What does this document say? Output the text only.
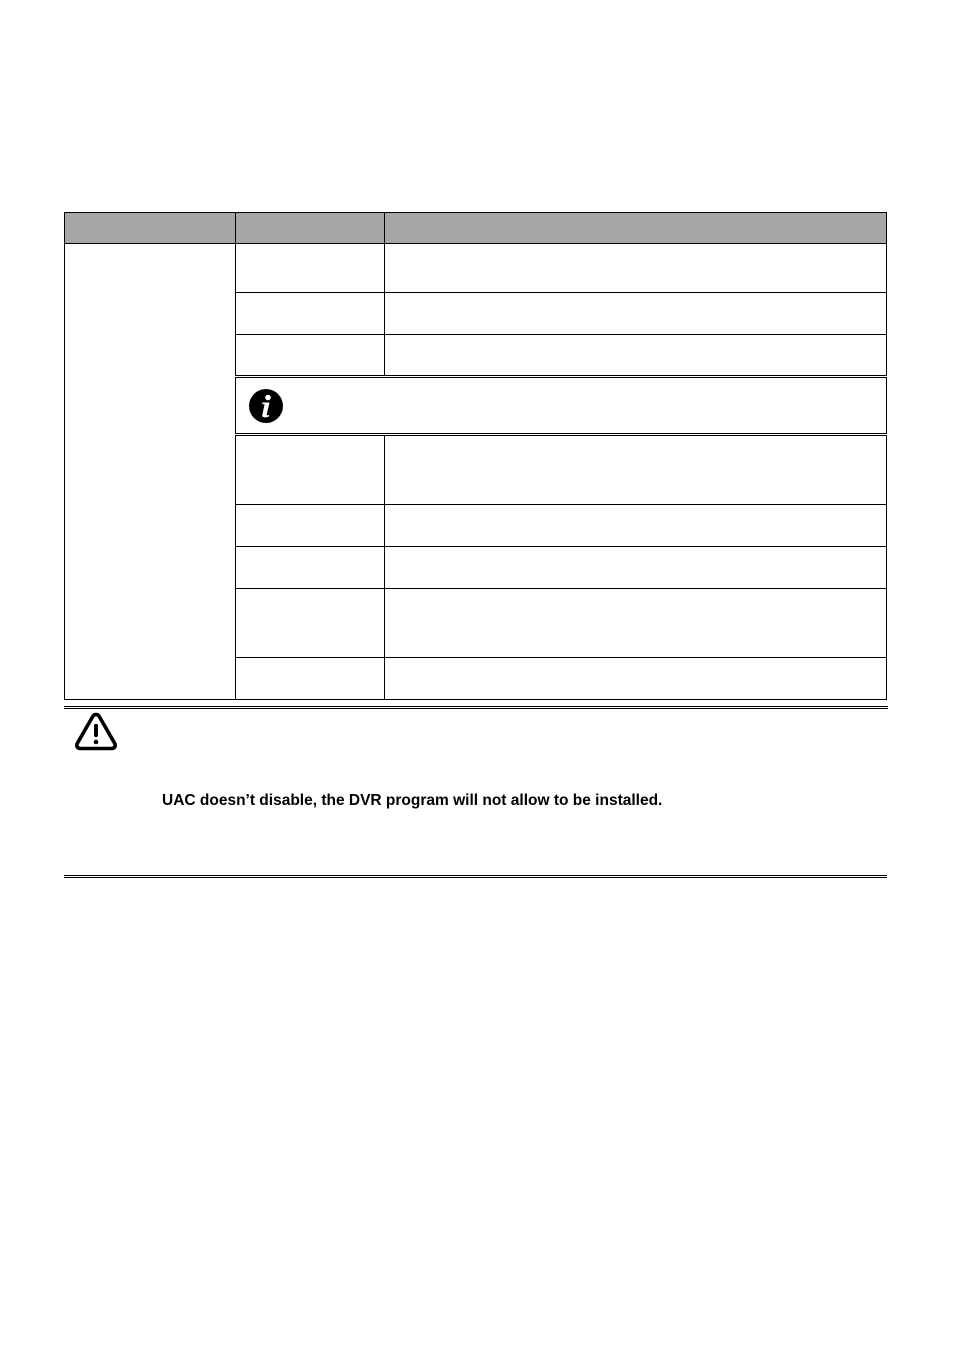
UAC doesn’t disable, the DVR program will not allow to be installed.
